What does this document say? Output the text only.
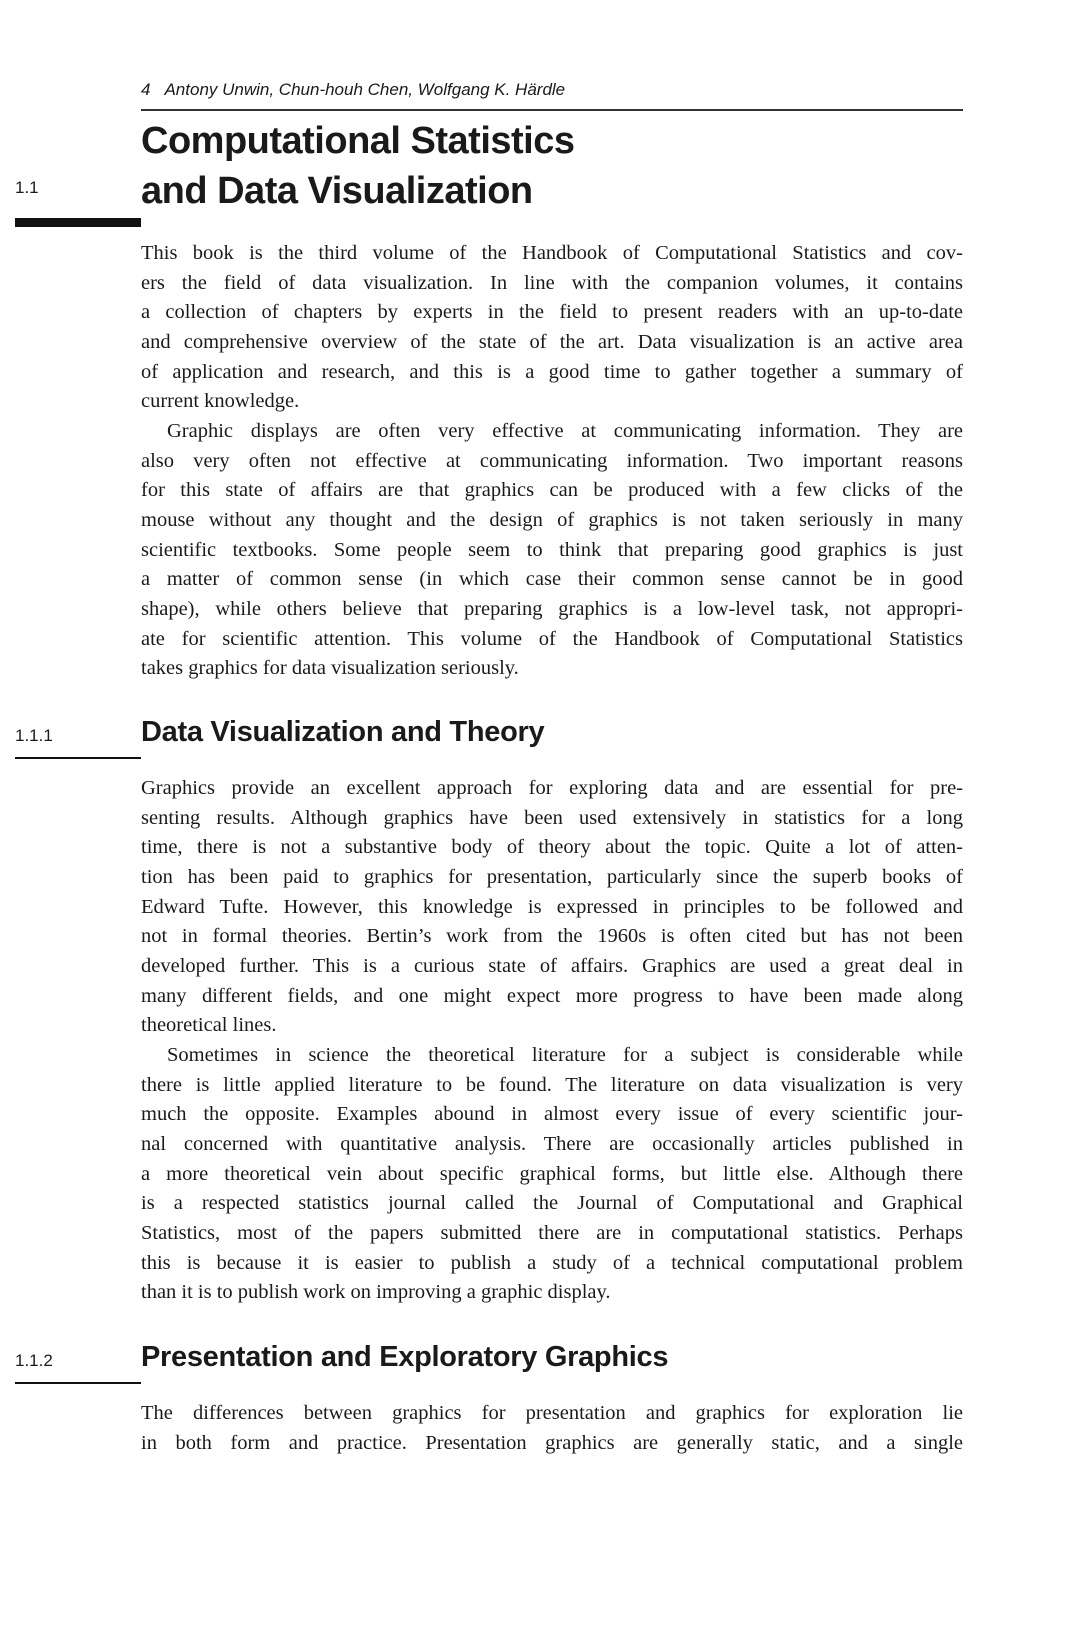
4 Antony Unwin, Chun-houh Chen, Wolfgang K. Härdle
Computational Statistics
and Data Visualization
1.1
This book is the third volume of the Handbook of Computational Statistics and cov-
ers the field of data visualization. In line with the companion volumes, it contains
a collection of chapters by experts in the field to present readers with an up-to-date
and comprehensive overview of the state of the art. Data visualization is an active area
of application and research, and this is a good time to gather together a summary of
current knowledge.
Graphic displays are often very effective at communicating information. They are
also very often not effective at communicating information. Two important reasons
for this state of affairs are that graphics can be produced with a few clicks of the
mouse without any thought and the design of graphics is not taken seriously in many
scientific textbooks. Some people seem to think that preparing good graphics is just
a matter of common sense (in which case their common sense cannot be in good
shape), while others believe that preparing graphics is a low-level task, not appropri-
ate for scientific attention. This volume of the Handbook of Computational Statistics
takes graphics for data visualization seriously.
1.1.1	Data Visualization and Theory
Graphics provide an excellent approach for exploring data and are essential for pre-
senting results. Although graphics have been used extensively in statistics for a long
time, there is not a substantive body of theory about the topic. Quite a lot of atten-
tion has been paid to graphics for presentation, particularly since the superb books of
Edward Tufte. However, this knowledge is expressed in principles to be followed and
not in formal theories. Bertin’s work from the 1960s is often cited but has not been
developed further. This is a curious state of affairs. Graphics are used a great deal in
many different fields, and one might expect more progress to have been made along
theoretical lines.
Sometimes in science the theoretical literature for a subject is considerable while
there is little applied literature to be found. The literature on data visualization is very
much the opposite. Examples abound in almost every issue of every scientific jour-
nal concerned with quantitative analysis. There are occasionally articles published in
a more theoretical vein about specific graphical forms, but little else. Although there
is a respected statistics journal called the Journal of Computational and Graphical
Statistics, most of the papers submitted there are in computational statistics. Perhaps
this is because it is easier to publish a study of a technical computational problem
than it is to publish work on improving a graphic display.
1.1.2	Presentation and Exploratory Graphics
The differences between graphics for presentation and graphics for exploration lie
in both form and practice. Presentation graphics are generally static, and a single
